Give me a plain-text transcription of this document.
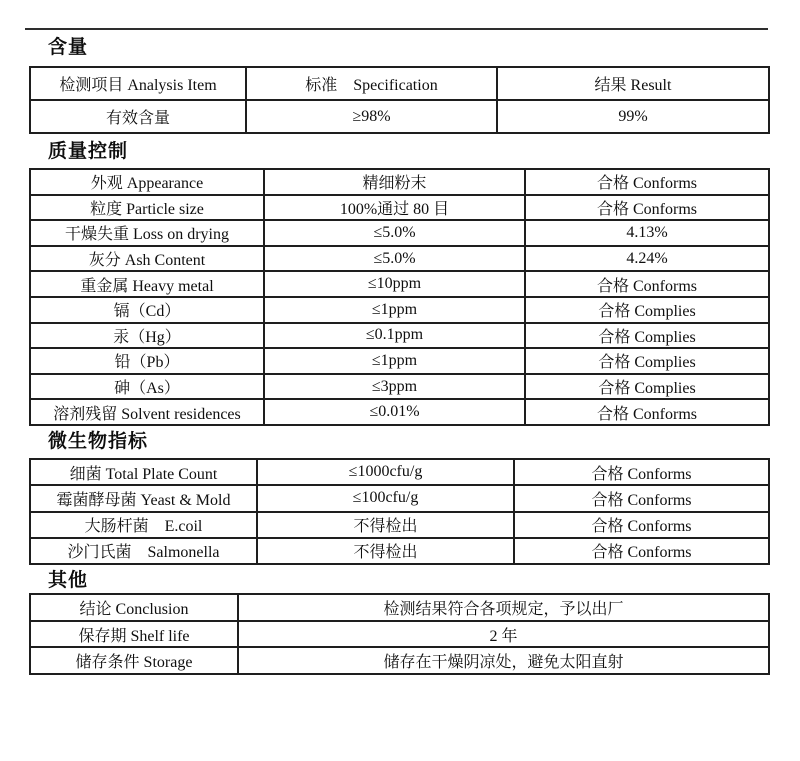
含量
检测项目 Analysis Item	标准　Specification	结果 Result
有效含量	≥98%	99%
质量控制
外观 Appearance	精细粉末	合格 Conforms
粒度 Particle size	100%通过 80 目	合格 Conforms
干燥失重 Loss on drying	≤5.0%	4.13%
灰分 Ash Content	≤5.0%	4.24%
重金属 Heavy metal	≤10ppm	合格 Conforms
镉（Cd）	≤1ppm	合格 Complies
汞（Hg）	≤0.1ppm	合格 Complies
铅（Pb）	≤1ppm	合格 Complies
砷（As）	≤3ppm	合格 Complies
溶剂残留 Solvent residences	≤0.01%	合格 Conforms
微生物指标
细菌 Total Plate Count	≤1000cfu/g	合格 Conforms
霉菌酵母菌 Yeast & Mold	≤100cfu/g	合格 Conforms
大肠杆菌　E.coil	不得检出	合格 Conforms
沙门氏菌　Salmonella	不得检出	合格 Conforms
其他
结论 Conclusion	检测结果符合各项规定，予以出厂
保存期 Shelf life	2 年
储存条件 Storage	储存在干燥阴凉处，避免太阳直射
